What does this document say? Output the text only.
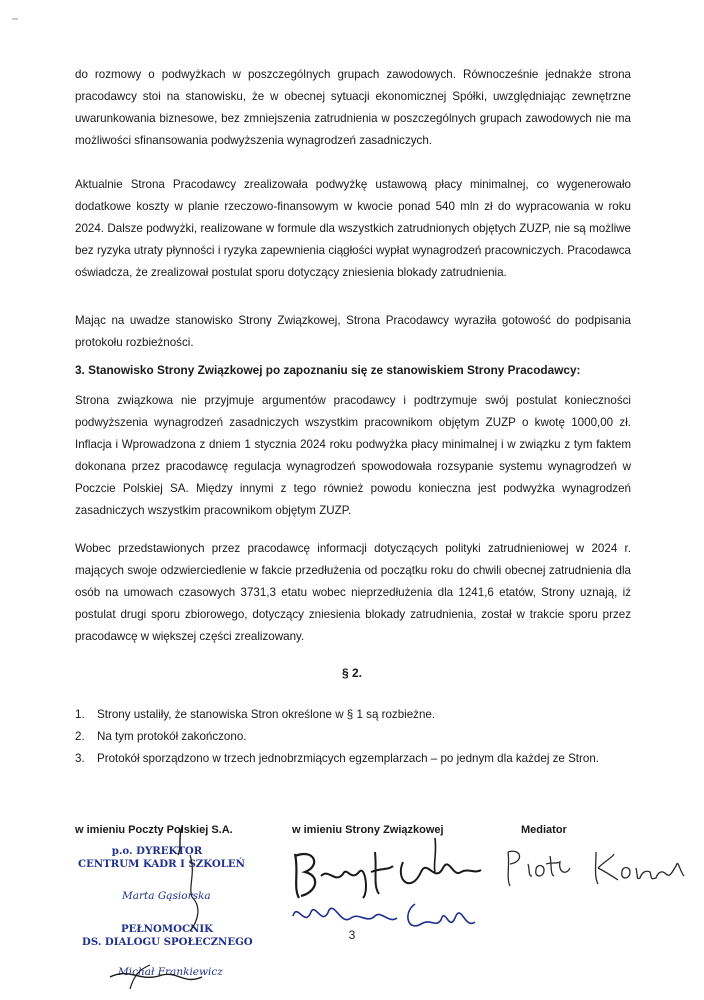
do rozmowy o podwyżkach w poszczególnych grupach zawodowych. Równocześnie jednakże strona pracodawcy stoi na stanowisku, że w obecnej sytuacji ekonomicznej Spółki, uwzględniając zewnętrzne uwarunkowania biznesowe, bez zmniejszenia zatrudnienia w poszczególnych grupach zawodowych nie ma możliwości sfinansowania podwyższenia wynagrodzeń zasadniczych.

Aktualnie Strona Pracodawcy zrealizowała podwyżkę ustawową płacy minimalnej, co wygenerowało dodatkowe koszty w planie rzeczowo-finansowym w kwocie ponad 540 mln zł do wypracowania w roku 2024. Dalsze podwyżki, realizowane w formule dla wszystkich zatrudnionych objętych ZUZP, nie są możliwe bez ryzyka utraty płynności i ryzyka zapewnienia ciągłości wypłat wynagrodzeń pracowniczych. Pracodawca oświadcza, że zrealizował postulat sporu dotyczący zniesienia blokady zatrudnienia.

Mając na uwadze stanowisko Strony Związkowej, Strona Pracodawcy wyraziła gotowość do podpisania protokołu rozbieżności.

3. Stanowisko Strony Związkowej po zapoznaniu się ze stanowiskiem Strony Pracodawcy:

Strona związkowa nie przyjmuje argumentów pracodawcy i podtrzymuje swój postulat konieczności podwyższenia wynagrodzeń zasadniczych wszystkim pracownikom objętym ZUZP o kwotę 1000,00 zł. Inflacja i Wprowadzona z dniem 1 stycznia 2024 roku podwyżka płacy minimalnej i w związku z tym faktem dokonana przez pracodawcę regulacja wynagrodzeń spowodowała rozsypanie systemu wynagrodzeń w Poczcie Polskiej SA. Między innymi z tego również powodu konieczna jest podwyżka wynagrodzeń zasadniczych wszystkim pracownikom objętym ZUZP.

Wobec przedstawionych przez pracodawcę informacji dotyczących polityki zatrudnieniowej w 2024 r. mających swoje odzwierciedlenie w fakcie przedłużenia od początku roku do chwili obecnej zatrudnienia dla osób na umowach czasowych 3731,3 etatu wobec nieprzedłużenia dla 1241,6 etatów, Strony uznają, iż postulat drugi sporu zbiorowego, dotyczący zniesienia blokady zatrudnienia, został w trakcie sporu przez pracodawcę w większej części zrealizowany.

§ 2.
1. Strony ustaliły, że stanowiska Stron określone w § 1 są rozbieżne.
2. Na tym protokół zakończono.
3. Protokół sporządzono w trzech jednobrzmiących egzemplarzach – po jednym dla każdej ze Stron.
w imieniu Poczty Polskiej S.A.	w imieniu Strony Związkowej	Mediator
p.o. DYREKTOR
CENTRUM KADR I SZKOLEŃ
Marta Gąsiorska
PEŁNOMOCNIK
DS. DIALOGU SPOŁECZNEGO
Michał Frankiewicz
3
